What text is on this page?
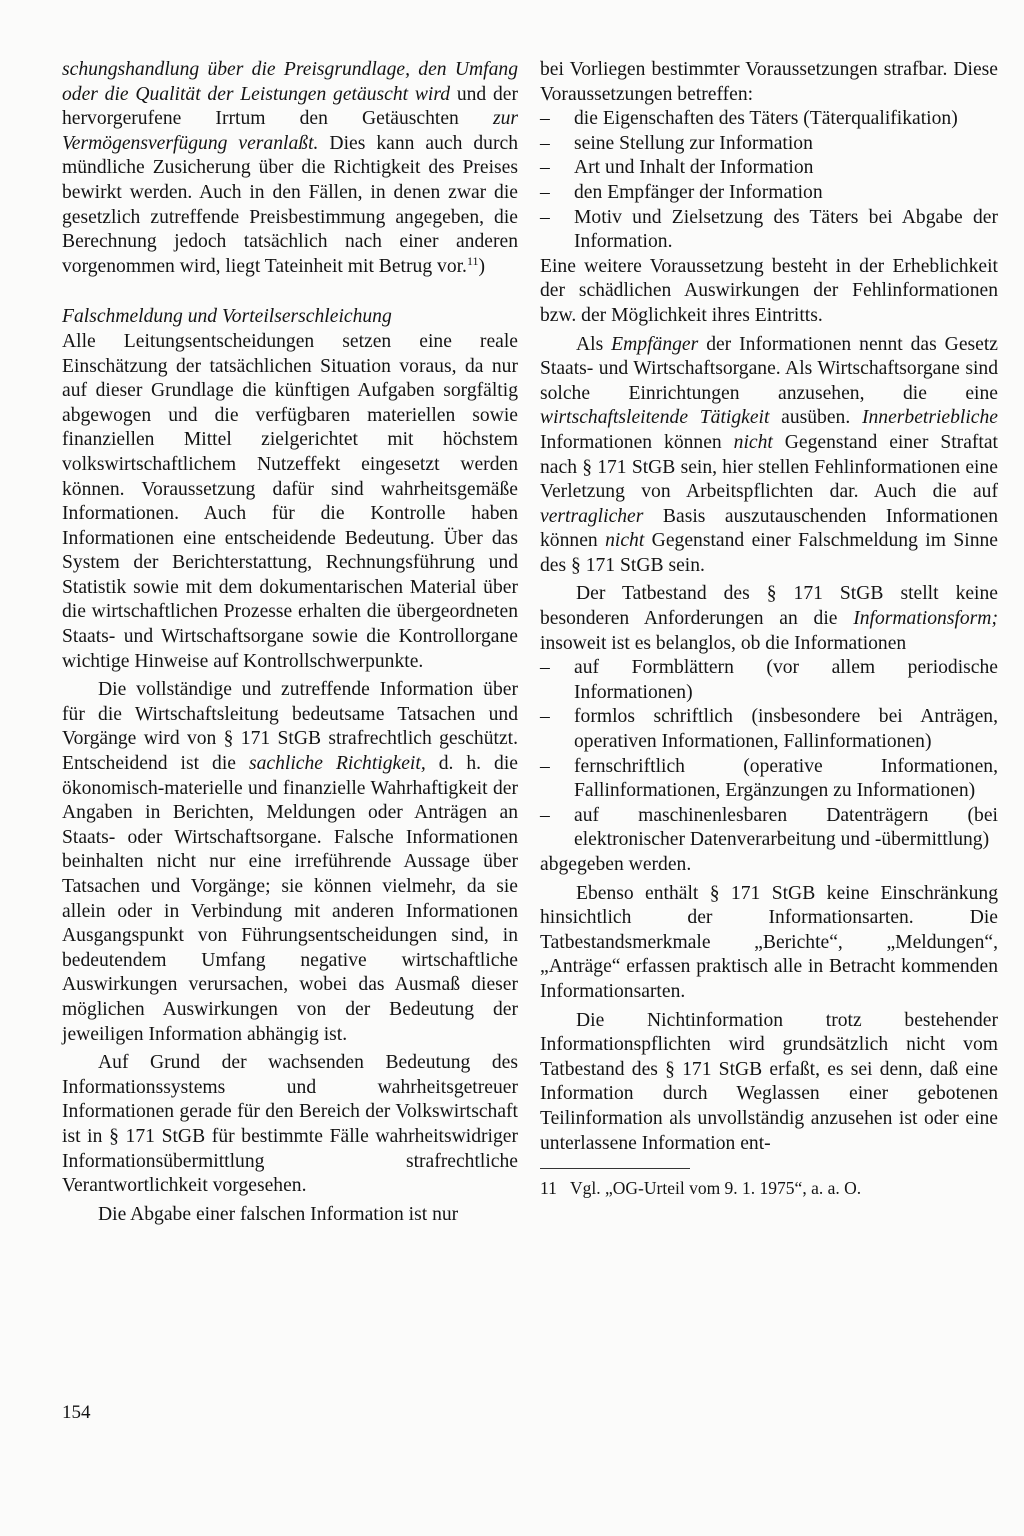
schungshandlung über die Preisgrundlage, den Umfang oder die Qualität der Leistungen getäuscht wird und der hervorgerufene Irrtum den Getäuschten zur Vermögensverfügung veranlaßt. Dies kann auch durch mündliche Zusicherung über die Richtigkeit des Preises bewirkt werden. Auch in den Fällen, in denen zwar die gesetzlich zutreffende Preisbestimmung angegeben, die Berechnung jedoch tatsächlich nach einer anderen vorgenommen wird, liegt Tateinheit mit Betrug vor.$^{11}$)

Falschmeldung und Vorteilserschleichung

Alle Leitungsentscheidungen setzen eine reale Einschätzung der tatsächlichen Situation voraus, da nur auf dieser Grundlage die künftigen Aufgaben sorgfältig abgewogen und die verfügbaren materiellen sowie finanziellen Mittel zielgerichtet mit höchstem volkswirtschaftlichem Nutzeffekt eingesetzt werden können. Voraussetzung dafür sind wahrheitsgemäße Informationen. Auch für die Kontrolle haben Informationen eine entscheidende Bedeutung. Über das System der Berichterstattung, Rechnungsführung und Statistik sowie mit dem dokumentarischen Material über die wirtschaftlichen Prozesse erhalten die übergeordneten Staats- und Wirtschaftsorgane sowie die Kontrollorgane wichtige Hinweise auf Kontrollschwerpunkte.

Die vollständige und zutreffende Information über für die Wirtschaftsleitung bedeutsame Tatsachen und Vorgänge wird von § 171 StGB strafrechtlich geschützt. Entscheidend ist die sachliche Richtigkeit, d. h. die ökonomisch-materielle und finanzielle Wahrhaftigkeit der Angaben in Berichten, Meldungen oder Anträgen an Staats- oder Wirtschaftsorgane. Falsche Informationen beinhalten nicht nur eine irreführende Aussage über Tatsachen und Vorgänge; sie können vielmehr, da sie allein oder in Verbindung mit anderen Informationen Ausgangspunkt von Führungsentscheidungen sind, in bedeutendem Umfang negative wirtschaftliche Auswirkungen verursachen, wobei das Ausmaß dieser möglichen Auswirkungen von der Bedeutung der jeweiligen Information abhängig ist.

Auf Grund der wachsenden Bedeutung des Informationssystems und wahrheitsgetreuer Informationen gerade für den Bereich der Volkswirtschaft ist in § 171 StGB für bestimmte Fälle wahrheitswidriger Informationsübermittlung strafrechtliche Verantwortlichkeit vorgesehen.

Die Abgabe einer falschen Information ist nur

bei Vorliegen bestimmter Voraussetzungen strafbar. Diese Voraussetzungen betreffen:

– die Eigenschaften des Täters (Täterqualifikation)
– seine Stellung zur Information
– Art und Inhalt der Information
– den Empfänger der Information
– Motiv und Zielsetzung des Täters bei Abgabe der Information.

Eine weitere Voraussetzung besteht in der Erheblichkeit der schädlichen Auswirkungen der Fehlinformationen bzw. der Möglichkeit ihres Eintritts.

Als Empfänger der Informationen nennt das Gesetz Staats- und Wirtschaftsorgane. Als Wirtschaftsorgane sind solche Einrichtungen anzusehen, die eine wirtschaftsleitende Tätigkeit ausüben. Innerbetriebliche Informationen können nicht Gegenstand einer Straftat nach § 171 StGB sein, hier stellen Fehlinformationen eine Verletzung von Arbeitspflichten dar. Auch die auf vertraglicher Basis auszutauschenden Informationen können nicht Gegenstand einer Falschmeldung im Sinne des § 171 StGB sein.

Der Tatbestand des § 171 StGB stellt keine besonderen Anforderungen an die Informationsform; insoweit ist es belanglos, ob die Informationen

– auf Formblättern (vor allem periodische Informationen)
– formlos schriftlich (insbesondere bei Anträgen, operativen Informationen, Fallinformationen)
– fernschriftlich (operative Informationen, Fallinformationen, Ergänzungen zu Informationen)
– auf maschinenlesbaren Datenträgern (bei elektronischer Datenverarbeitung und -übermittlung)

abgegeben werden.

Ebenso enthält § 171 StGB keine Einschränkung hinsichtlich der Informationsarten. Die Tatbestandsmerkmale „Berichte“, „Meldungen“, „Anträge“ erfassen praktisch alle in Betracht kommenden Informationsarten.

Die Nichtinformation trotz bestehender Informationspflichten wird grundsätzlich nicht vom Tatbestand des § 171 StGB erfaßt, es sei denn, daß eine Information durch Weglassen einer gebotenen Teilinformation als unvollständig anzusehen ist oder eine unterlassene Information ent-

11 Vgl. „OG-Urteil vom 9. 1. 1975“, a. a. O.

154
